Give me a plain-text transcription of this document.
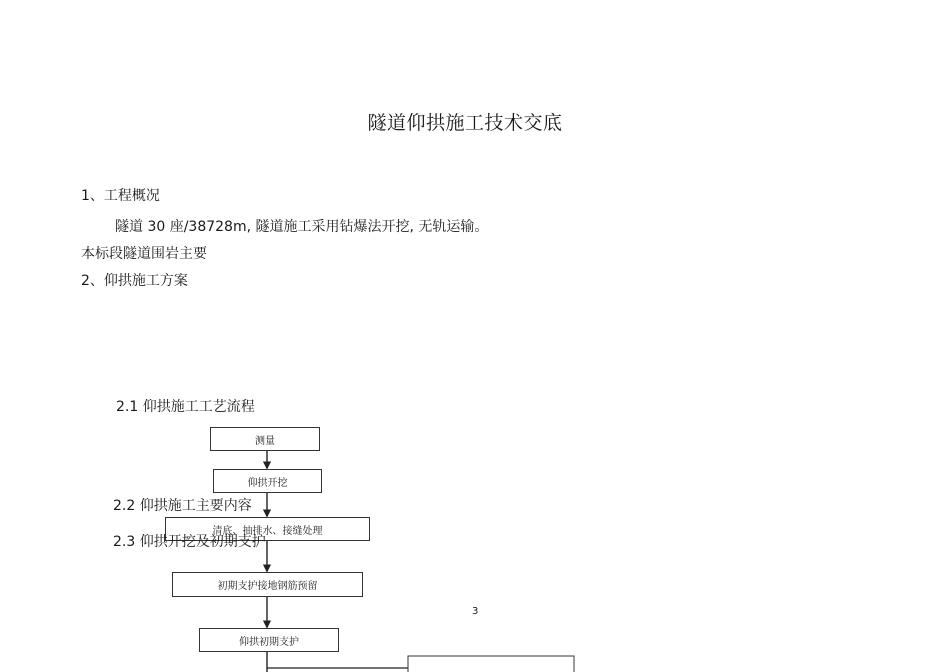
隧道仰拱施工技术交底
1、工程概况
隧道 30 座/38728m, 隧道施工采用钻爆法开挖, 无轨运输。
本标段隧道围岩主要
2、仰拱施工方案
2.1 仰拱施工工艺流程
测量
仰拱开挖
清底、抽排水、接缝处理
初期支护接地钢筋预留
仰拱初期支护
2.2 仰拱施工主要内容
2.3 仰拱开挖及初期支护
3
